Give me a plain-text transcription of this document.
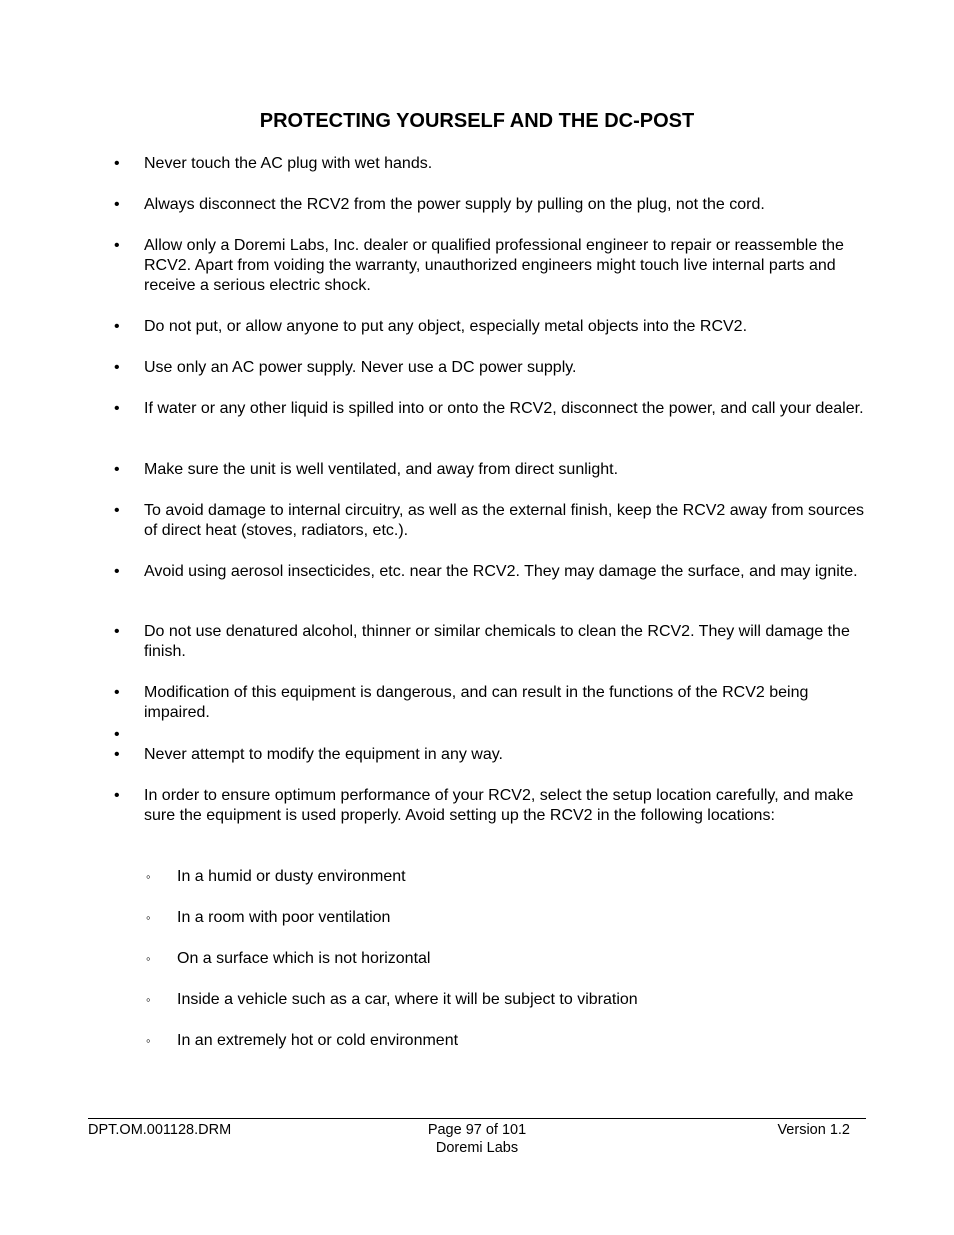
PROTECTING YOURSELF AND THE DC-POST
•	Never touch the AC plug with wet hands.
•	Always disconnect the RCV2 from the power supply by pulling on the plug, not the cord.
•	Allow only a Doremi Labs, Inc. dealer or qualified professional engineer to repair or reassemble the RCV2. Apart from voiding the warranty, unauthorized engineers might touch live internal parts and receive a serious electric shock.
•	Do not put, or allow anyone to put any object, especially metal objects into the RCV2.
•	Use only an AC power supply. Never use a DC power supply.
•	If water or any other liquid is spilled into or onto the RCV2, disconnect the power, and call your dealer.
•	Make sure the unit is well ventilated, and away from direct sunlight.
•	To avoid damage to internal circuitry, as well as the external finish, keep the RCV2 away from sources of direct heat (stoves, radiators, etc.).
•	Avoid using aerosol insecticides, etc. near the RCV2. They may damage the surface, and may ignite.
•	Do not use denatured alcohol, thinner or similar chemicals to clean the RCV2. They will damage the finish.
•	Modification of this equipment is dangerous, and can result in the functions of the RCV2 being impaired.
•
•	Never attempt to modify the equipment in any way.
•	In order to ensure optimum performance of your RCV2, select the setup location carefully, and make sure the equipment is used properly. Avoid setting up the RCV2 in the following locations:
◦	In a humid or dusty environment
◦	In a room with poor ventilation
◦	On a surface which is not horizontal
◦	Inside a vehicle such as a car, where it will be subject to vibration
◦	In an extremely hot or cold environment
DPT.OM.001128.DRM	Page 97 of 101
Doremi Labs
Version 1.2
